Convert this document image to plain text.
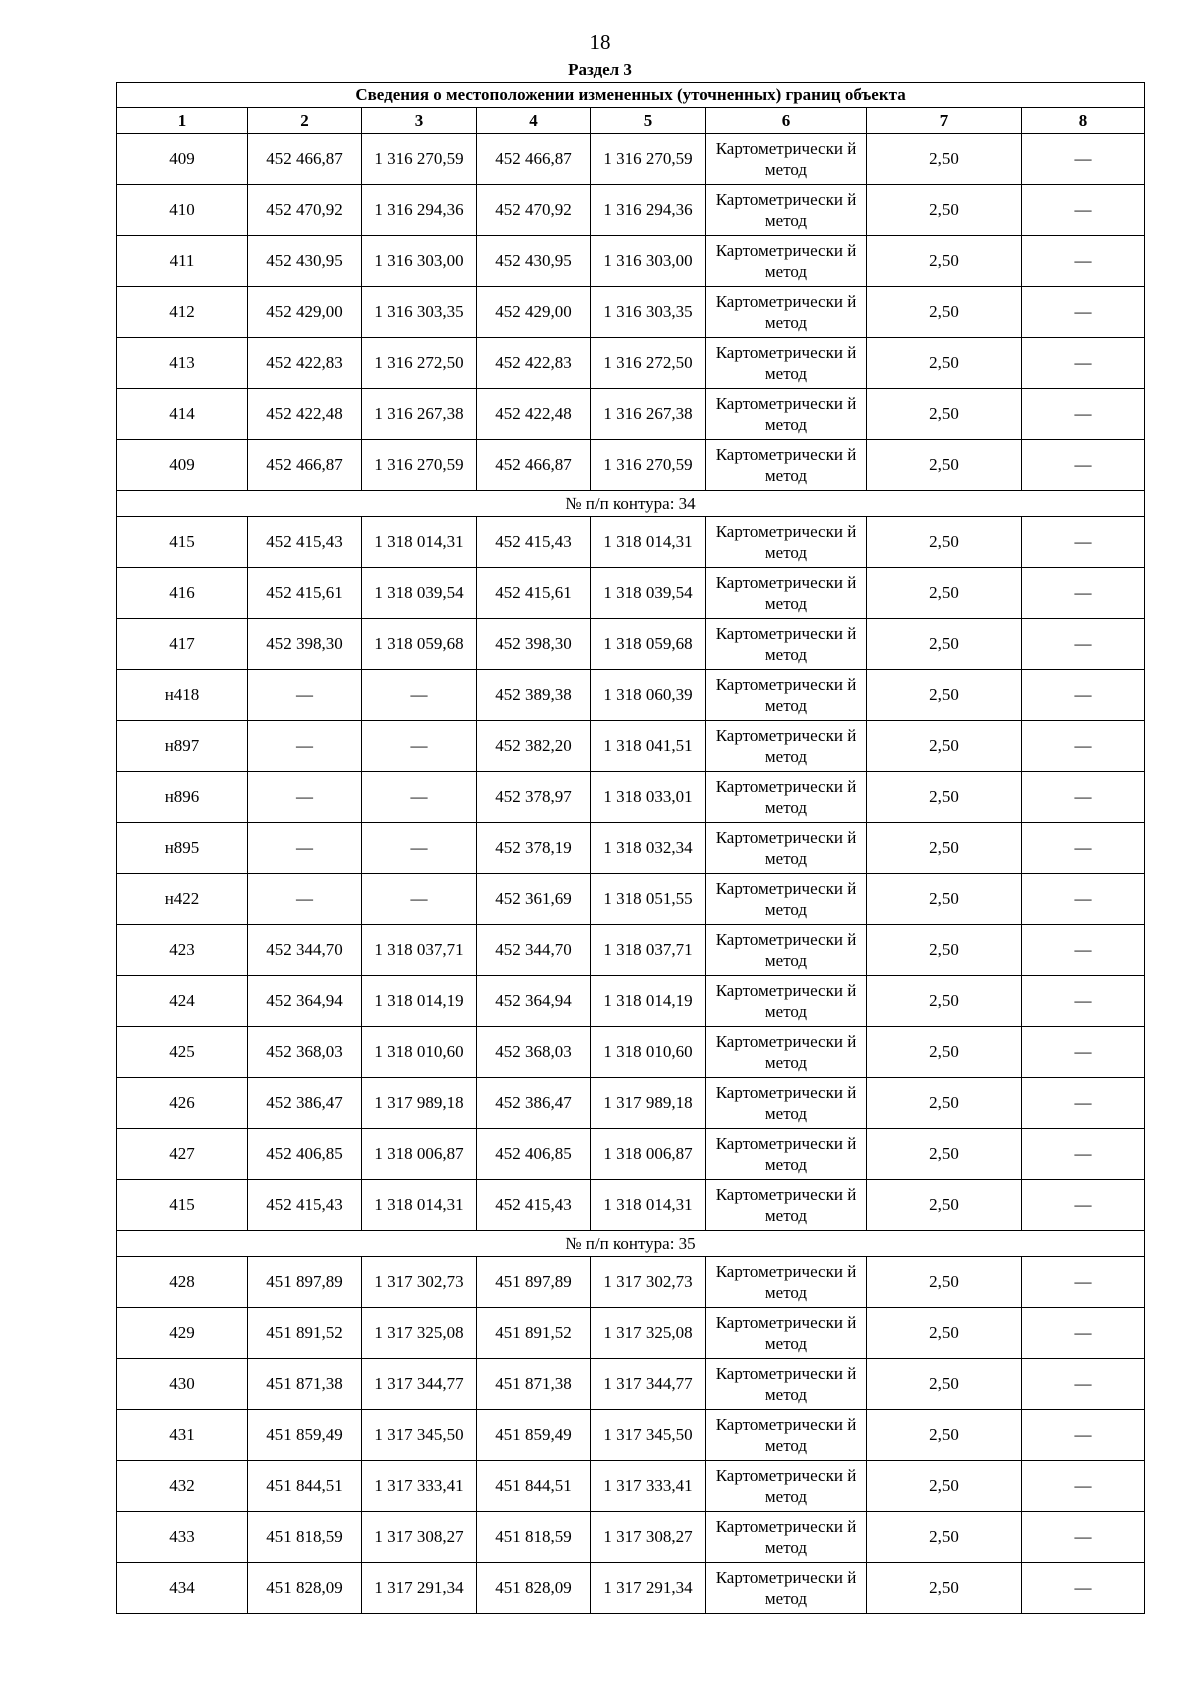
18
Раздел 3
Сведения о местоположении измененных (уточненных) границ объекта							
1	2	3	4	5	6	7	8
409	452 466,87	1 316 270,59	452 466,87	1 316 270,59	Картометрически й метод	2,50	—
410	452 470,92	1 316 294,36	452 470,92	1 316 294,36	Картометрически й метод	2,50	—
411	452 430,95	1 316 303,00	452 430,95	1 316 303,00	Картометрически й метод	2,50	—
412	452 429,00	1 316 303,35	452 429,00	1 316 303,35	Картометрически й метод	2,50	—
413	452 422,83	1 316 272,50	452 422,83	1 316 272,50	Картометрически й метод	2,50	—
414	452 422,48	1 316 267,38	452 422,48	1 316 267,38	Картометрически й метод	2,50	—
409	452 466,87	1 316 270,59	452 466,87	1 316 270,59	Картометрически й метод	2,50	—
№ п/п контура: 34							
415	452 415,43	1 318 014,31	452 415,43	1 318 014,31	Картометрически й метод	2,50	—
416	452 415,61	1 318 039,54	452 415,61	1 318 039,54	Картометрически й метод	2,50	—
417	452 398,30	1 318 059,68	452 398,30	1 318 059,68	Картометрически й метод	2,50	—
н418	—	—	452 389,38	1 318 060,39	Картометрически й метод	2,50	—
н897	—	—	452 382,20	1 318 041,51	Картометрически й метод	2,50	—
н896	—	—	452 378,97	1 318 033,01	Картометрически й метод	2,50	—
н895	—	—	452 378,19	1 318 032,34	Картометрически й метод	2,50	—
н422	—	—	452 361,69	1 318 051,55	Картометрически й метод	2,50	—
423	452 344,70	1 318 037,71	452 344,70	1 318 037,71	Картометрически й метод	2,50	—
424	452 364,94	1 318 014,19	452 364,94	1 318 014,19	Картометрически й метод	2,50	—
425	452 368,03	1 318 010,60	452 368,03	1 318 010,60	Картометрически й метод	2,50	—
426	452 386,47	1 317 989,18	452 386,47	1 317 989,18	Картометрически й метод	2,50	—
427	452 406,85	1 318 006,87	452 406,85	1 318 006,87	Картометрически й метод	2,50	—
415	452 415,43	1 318 014,31	452 415,43	1 318 014,31	Картометрически й метод	2,50	—
№ п/п контура: 35							
428	451 897,89	1 317 302,73	451 897,89	1 317 302,73	Картометрически й метод	2,50	—
429	451 891,52	1 317 325,08	451 891,52	1 317 325,08	Картометрически й метод	2,50	—
430	451 871,38	1 317 344,77	451 871,38	1 317 344,77	Картометрически й метод	2,50	—
431	451 859,49	1 317 345,50	451 859,49	1 317 345,50	Картометрически й метод	2,50	—
432	451 844,51	1 317 333,41	451 844,51	1 317 333,41	Картометрически й метод	2,50	—
433	451 818,59	1 317 308,27	451 818,59	1 317 308,27	Картометрически й метод	2,50	—
434	451 828,09	1 317 291,34	451 828,09	1 317 291,34	Картометрически й метод	2,50	—
